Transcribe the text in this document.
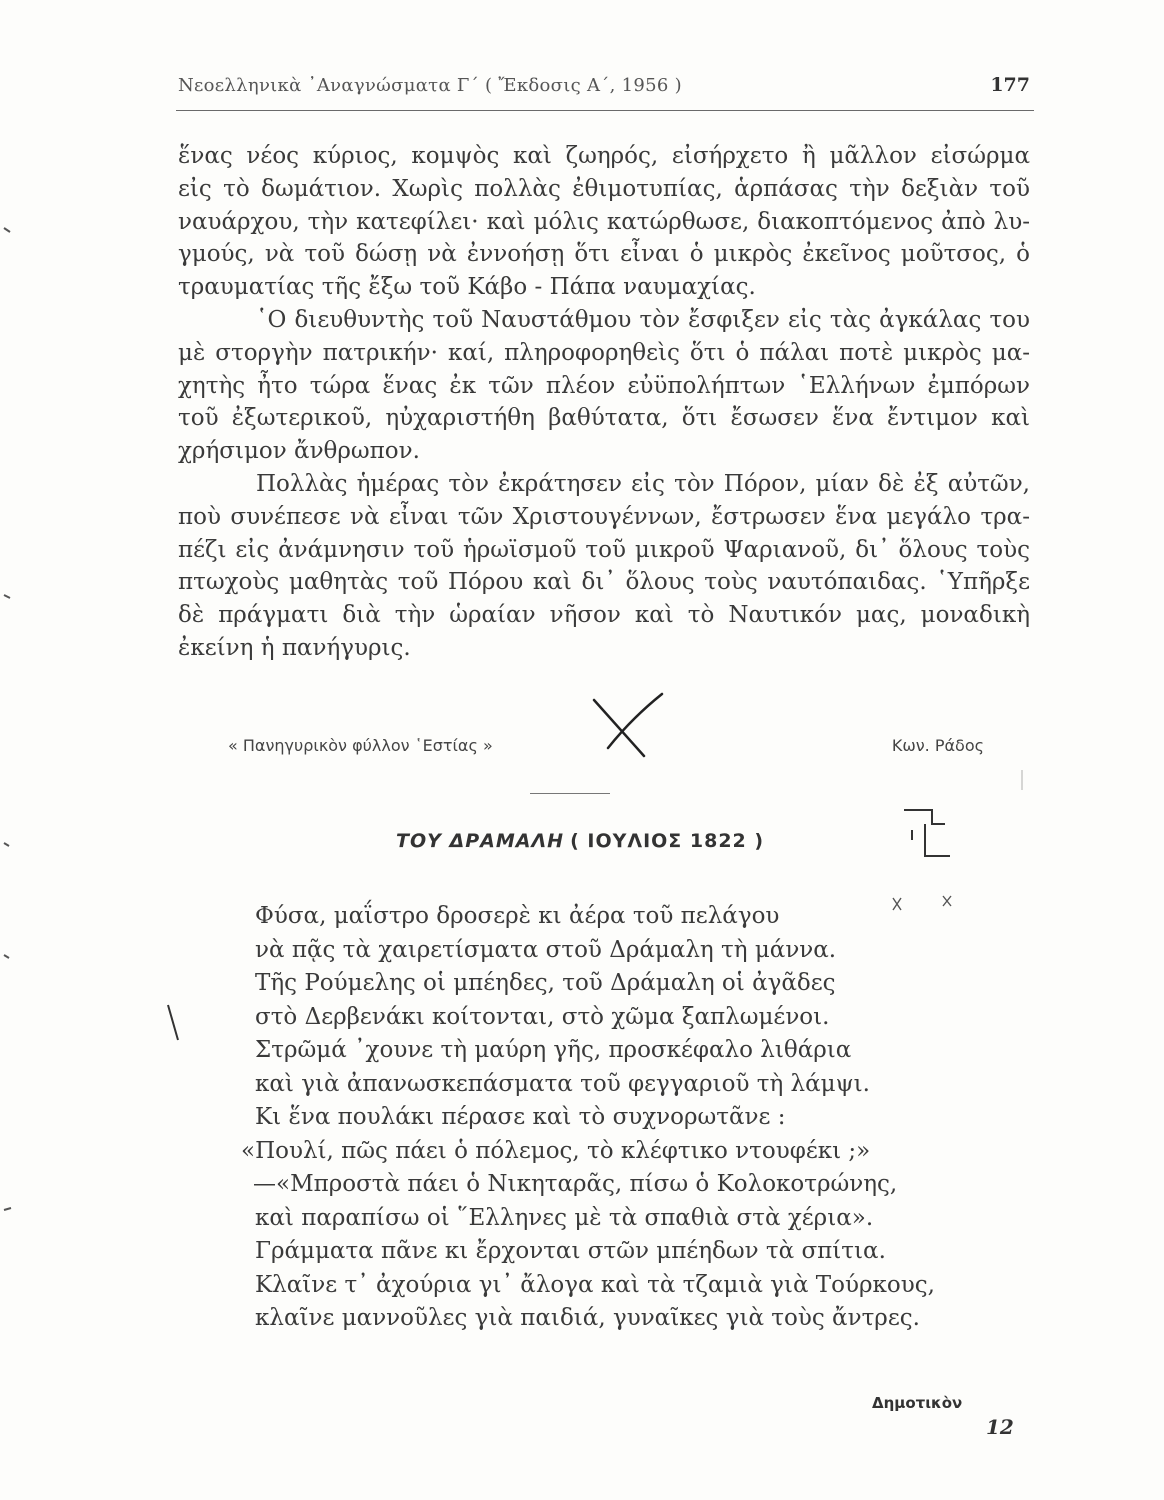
Νεοελληνικὰ ᾿Αναγνώσματα Γ΄ ( Ἔκδοσις Α΄, 1956 )	177

ἕνας νέος κύριος, κομψὸς καὶ ζωηρός, εἰσήρχετο ἢ μᾶλλον εἰσώρμα
εἰς τὸ δωμάτιον. Χωρὶς πολλὰς ἐθιμοτυπίας, ἁρπάσας τὴν δεξιὰν τοῦ
ναυάρχου, τὴν κατεφίλει· καὶ μόλις κατώρθωσε, διακοπτόμενος ἀπὸ λυ-
γμούς, νὰ τοῦ δώσῃ νὰ ἐννοήσῃ ὅτι εἶναι ὁ μικρὸς ἐκεῖνος μοῦτσος, ὁ
τραυματίας τῆς ἔξω τοῦ Κάβο - Πάπα ναυμαχίας.

῾Ο διευθυντὴς τοῦ Ναυστάθμου τὸν ἔσφιξεν εἰς τὰς ἀγκάλας του
μὲ στοργὴν πατρικήν· καί, πληροφορηθεὶς ὅτι ὁ πάλαι ποτὲ μικρὸς μα-
χητὴς ἦτο τώρα ἕνας ἐκ τῶν πλέον εὐϋπολήπτων ῾Ελλήνων ἐμπόρων
τοῦ ἐξωτερικοῦ, ηὐχαριστήθη βαθύτατα, ὅτι ἔσωσεν ἕνα ἔντιμον καὶ
χρήσιμον ἄνθρωπον.

Πολλὰς ἡμέρας τὸν ἐκράτησεν εἰς τὸν Πόρον, μίαν δὲ ἐξ αὐτῶν,
ποὺ συνέπεσε νὰ εἶναι τῶν Χριστουγέννων, ἔστρωσεν ἕνα μεγάλο τρα-
πέζι εἰς ἀνάμνησιν τοῦ ἡρωϊσμοῦ τοῦ μικροῦ Ψαριανοῦ, δι᾿ ὅλους τοὺς
πτωχοὺς μαθητὰς τοῦ Πόρου καὶ δι᾿ ὅλους τοὺς ναυτόπαιδας. ῾Υπῆρξε
δὲ πράγματι διὰ τὴν ὡραίαν νῆσον καὶ τὸ Ναυτικόν μας, μοναδικὴ
ἐκείνη ἡ πανήγυρις.

« Πανηγυρικὸν φύλλον ῾Εστίας »	Κων. Ράδος
ΤΟΥ ΔΡΑΜΑΛΗ ( ΙΟΥΛΙΟΣ 1822 )
Φύσα, μαΐστρο δροσερὲ κι ἀέρα τοῦ πελάγου
νὰ πᾷς τὰ χαιρετίσματα στοῦ Δράμαλη τὴ μάννα.
Τῆς Ρούμελης οἱ μπέηδες, τοῦ Δράμαλη οἱ ἀγᾶδες
στὸ Δερβενάκι κοίτονται, στὸ χῶμα ξαπλωμένοι.
Στρῶμά ᾿χουνε τὴ μαύρη γῆς, προσκέφαλο λιθάρια
καὶ γιὰ ἀπανωσκεπάσματα τοῦ φεγγαριοῦ τὴ λάμψι.
Κι ἕνα πουλάκι πέρασε καὶ τὸ συχνορωτᾶνε :
«Πουλί, πῶς πάει ὁ πόλεμος, τὸ κλέφτικο ντουφέκι ;»
—«Μπροστὰ πάει ὁ Νικηταρᾶς, πίσω ὁ Κολοκοτρώνης,
καὶ παραπίσω οἱ ῞Ελληνες μὲ τὰ σπαθιὰ στὰ χέρια».
Γράμματα πᾶνε κι ἔρχονται στῶν μπέηδων τὰ σπίτια.
Κλαῖνε τ᾿ ἀχούρια γι᾿ ἄλογα καὶ τὰ τζαμιὰ γιὰ Τούρκους,
κλαῖνε μαννοῦλες γιὰ παιδιά, γυναῖκες γιὰ τοὺς ἄντρες.
Δημοτικὸν
12
